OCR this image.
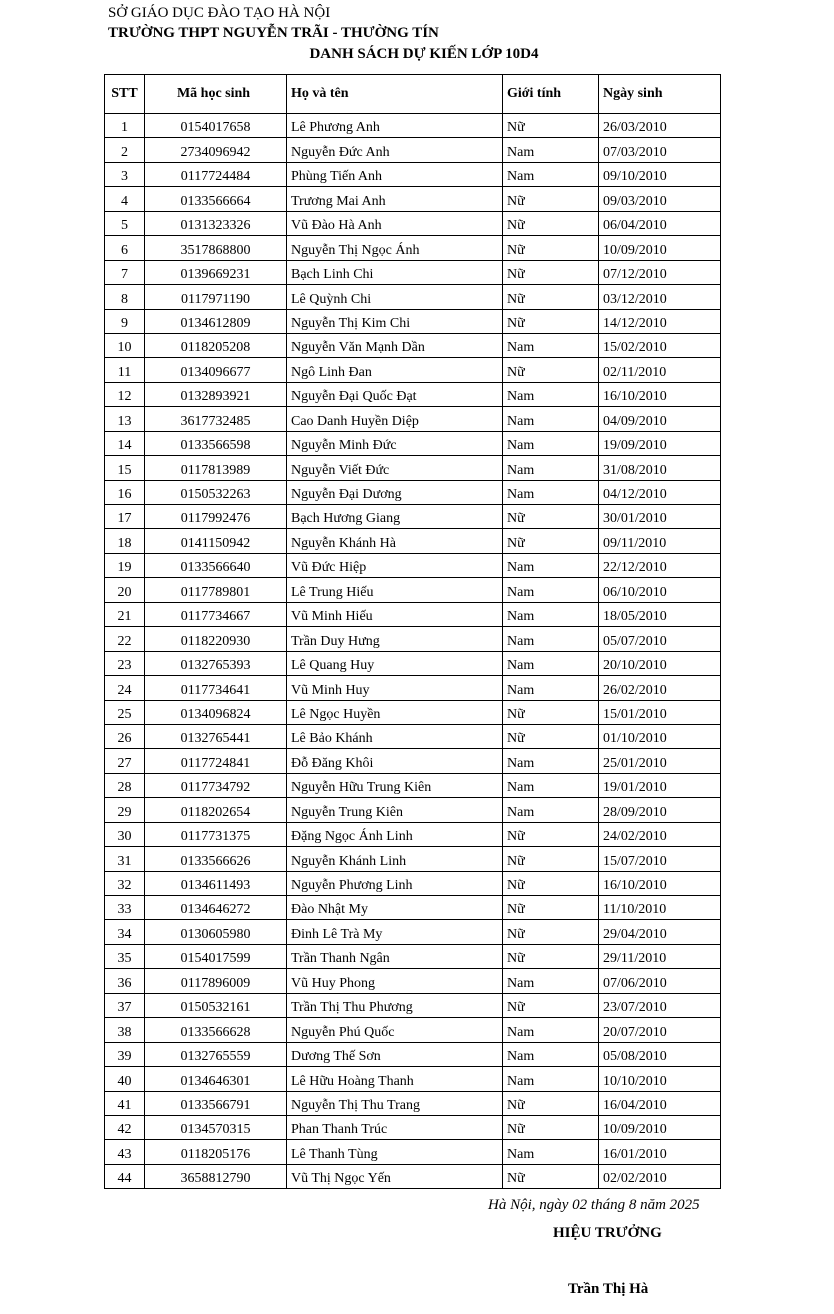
SỞ GIÁO DỤC ĐÀO TẠO HÀ NỘI
TRƯỜNG THPT NGUYỄN TRÃI - THƯỜNG TÍN
DANH SÁCH DỰ KIẾN LỚP 10D4
STT	Mã học sinh	Họ và tên	Giới tính	Ngày sinh
1	0154017658	Lê Phương Anh	Nữ	26/03/2010
2	2734096942	Nguyễn Đức Anh	Nam	07/03/2010
3	0117724484	Phùng Tiến Anh	Nam	09/10/2010
4	0133566664	Trương Mai Anh	Nữ	09/03/2010
5	0131323326	Vũ Đào Hà Anh	Nữ	06/04/2010
6	3517868800	Nguyễn Thị Ngọc Ánh	Nữ	10/09/2010
7	0139669231	Bạch Linh Chi	Nữ	07/12/2010
8	0117971190	Lê Quỳnh Chi	Nữ	03/12/2010
9	0134612809	Nguyễn Thị Kim Chi	Nữ	14/12/2010
10	0118205208	Nguyễn Văn Mạnh Dần	Nam	15/02/2010
11	0134096677	Ngô Linh Đan	Nữ	02/11/2010
12	0132893921	Nguyễn Đại Quốc Đạt	Nam	16/10/2010
13	3617732485	Cao Danh Huyền Diệp	Nam	04/09/2010
14	0133566598	Nguyễn Minh Đức	Nam	19/09/2010
15	0117813989	Nguyễn Viết Đức	Nam	31/08/2010
16	0150532263	Nguyễn Đại Dương	Nam	04/12/2010
17	0117992476	Bạch Hương Giang	Nữ	30/01/2010
18	0141150942	Nguyễn Khánh Hà	Nữ	09/11/2010
19	0133566640	Vũ Đức Hiệp	Nam	22/12/2010
20	0117789801	Lê Trung Hiếu	Nam	06/10/2010
21	0117734667	Vũ Minh Hiếu	Nam	18/05/2010
22	0118220930	Trần Duy Hưng	Nam	05/07/2010
23	0132765393	Lê Quang Huy	Nam	20/10/2010
24	0117734641	Vũ Minh Huy	Nam	26/02/2010
25	0134096824	Lê Ngọc Huyền	Nữ	15/01/2010
26	0132765441	Lê Bảo Khánh	Nữ	01/10/2010
27	0117724841	Đỗ Đăng Khôi	Nam	25/01/2010
28	0117734792	Nguyễn Hữu Trung Kiên	Nam	19/01/2010
29	0118202654	Nguyễn Trung Kiên	Nam	28/09/2010
30	0117731375	Đặng Ngọc Ánh Linh	Nữ	24/02/2010
31	0133566626	Nguyễn Khánh Linh	Nữ	15/07/2010
32	0134611493	Nguyễn Phương Linh	Nữ	16/10/2010
33	0134646272	Đào Nhật My	Nữ	11/10/2010
34	0130605980	Đinh Lê Trà My	Nữ	29/04/2010
35	0154017599	Trần Thanh Ngân	Nữ	29/11/2010
36	0117896009	Vũ Huy Phong	Nam	07/06/2010
37	0150532161	Trần Thị Thu Phương	Nữ	23/07/2010
38	0133566628	Nguyễn Phú Quốc	Nam	20/07/2010
39	0132765559	Dương Thế Sơn	Nam	05/08/2010
40	0134646301	Lê Hữu Hoàng Thanh	Nam	10/10/2010
41	0133566791	Nguyễn Thị Thu Trang	Nữ	16/04/2010
42	0134570315	Phan Thanh Trúc	Nữ	10/09/2010
43	0118205176	Lê Thanh Tùng	Nam	16/01/2010
44	3658812790	Vũ Thị Ngọc Yến	Nữ	02/02/2010
Hà Nội, ngày 02 tháng 8 năm 2025
HIỆU TRƯỞNG
Trần Thị Hà
